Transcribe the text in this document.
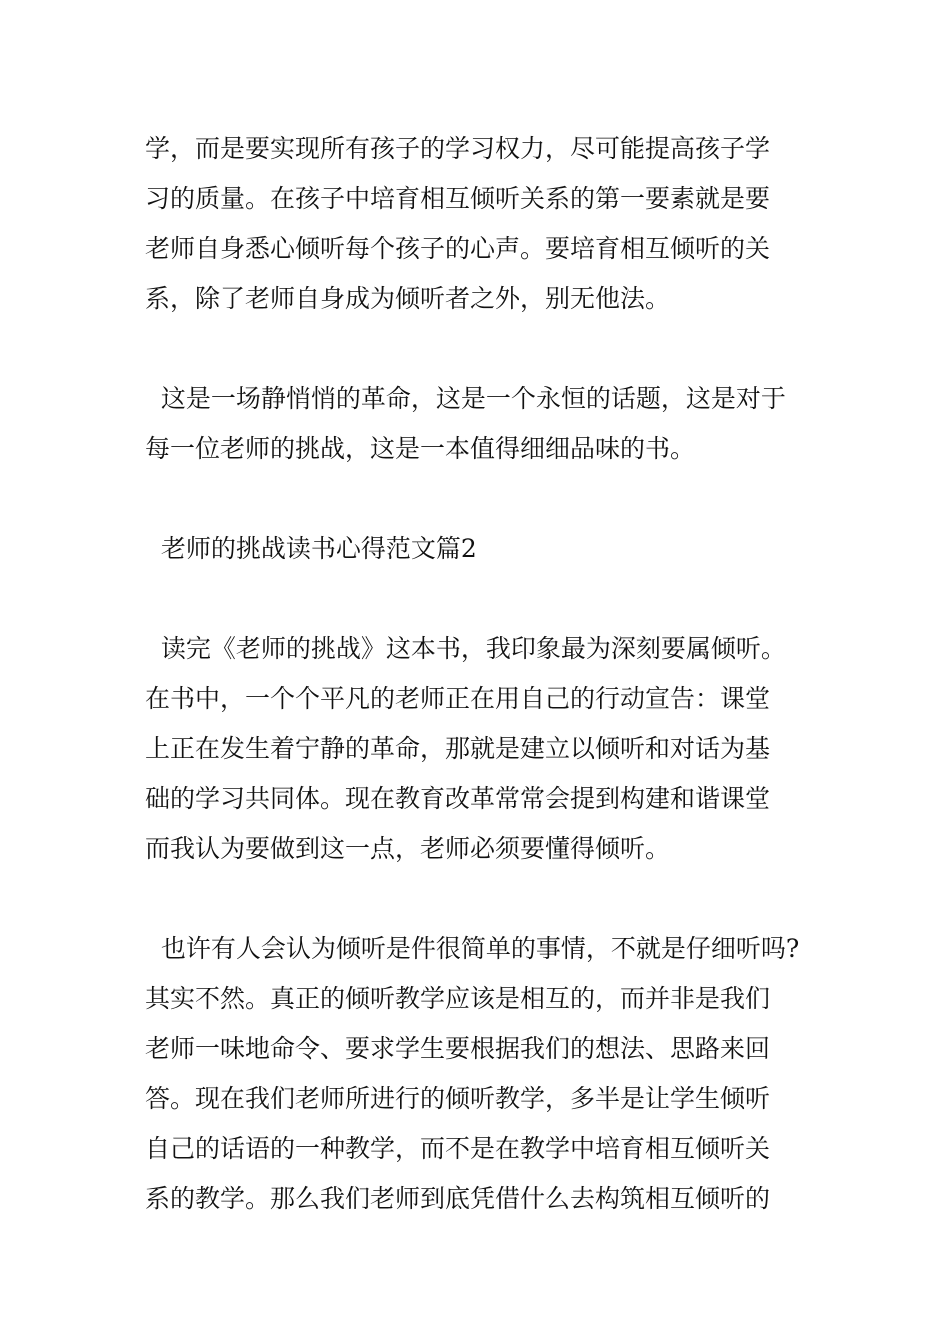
学，而是要实现所有孩子的学习权力，尽可能提高孩子学
习的质量。在孩子中培育相互倾听关系的第一要素就是要
老师自身悉心倾听每个孩子的心声。要培育相互倾听的关
系，除了老师自身成为倾听者之外，别无他法。
这是一场静悄悄的革命，这是一个永恒的话题，这是对于
每一位老师的挑战，这是一本值得细细品味的书。
老师的挑战读书心得范文篇2
读完《老师的挑战》这本书，我印象最为深刻要属倾听。
在书中，一个个平凡的老师正在用自己的行动宣告：课堂
上正在发生着宁静的革命，那就是建立以倾听和对话为基
础的学习共同体。现在教育改革常常会提到构建和谐课堂
而我认为要做到这一点，老师必须要懂得倾听。
也许有人会认为倾听是件很简单的事情，不就是仔细听吗?
其实不然。真正的倾听教学应该是相互的，而并非是我们
老师一味地命令、要求学生要根据我们的想法、思路来回
答。现在我们老师所进行的倾听教学，多半是让学生倾听
自己的话语的一种教学，而不是在教学中培育相互倾听关
系的教学。那么我们老师到底凭借什么去构筑相互倾听的
